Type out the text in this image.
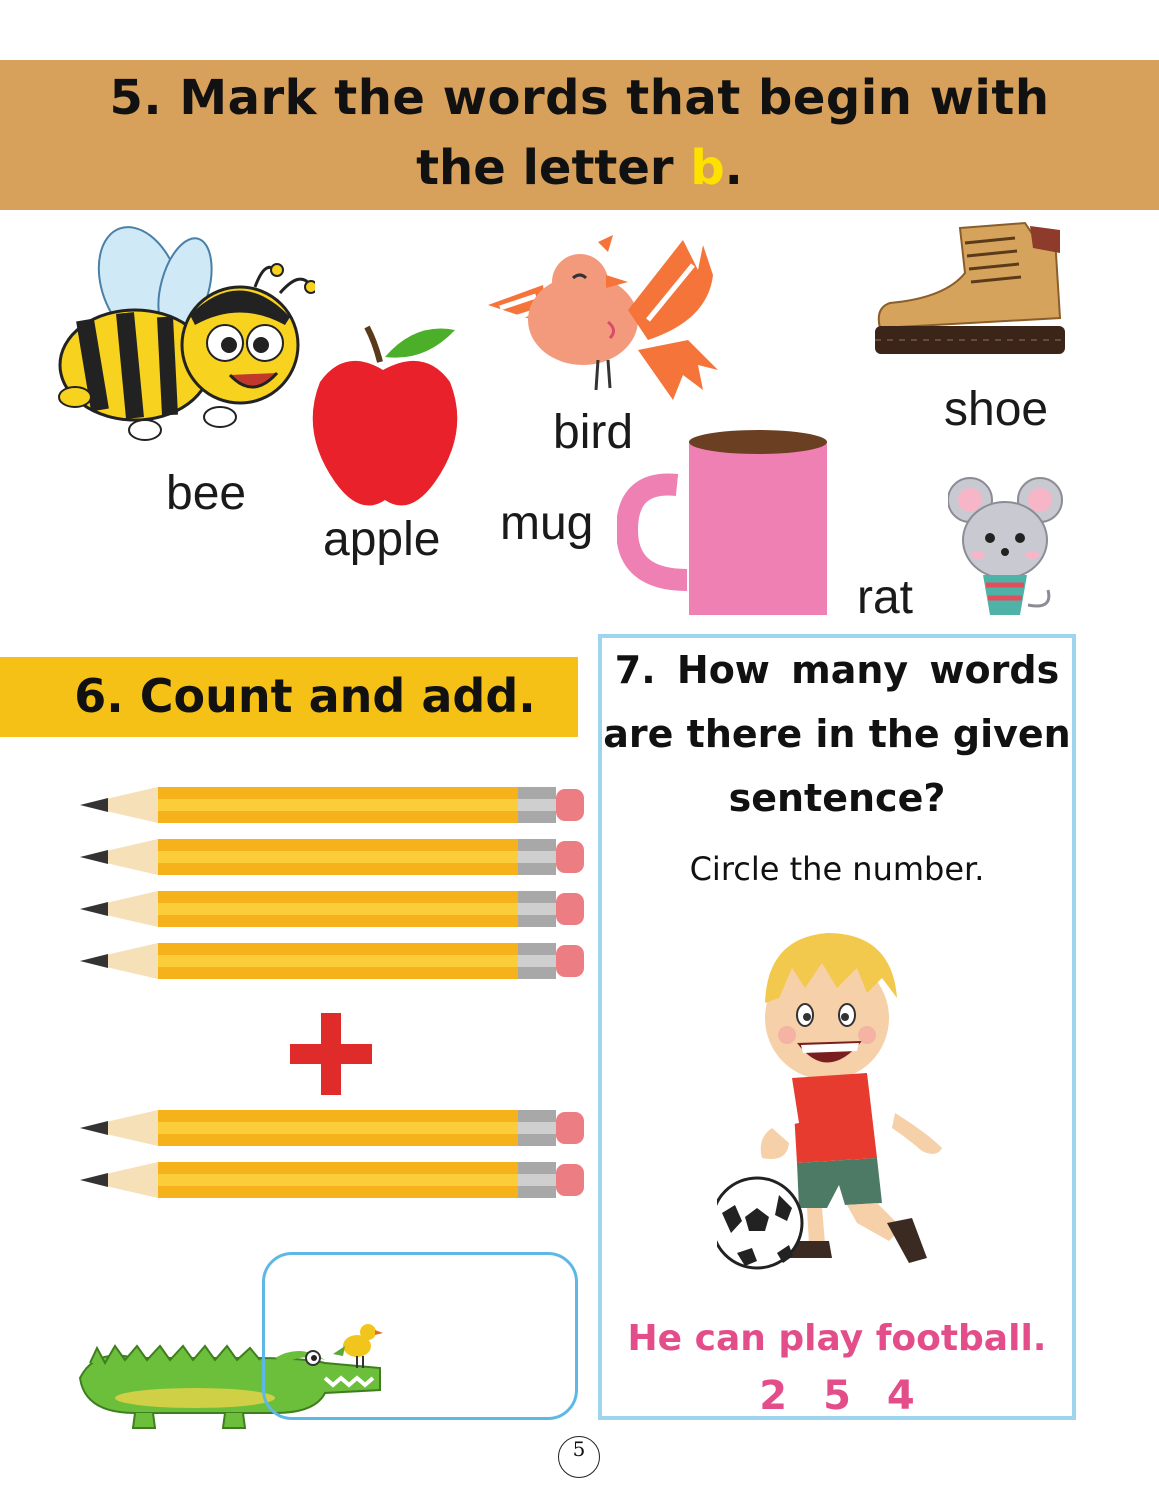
5. Mark the words that begin with
the letter b.
bee
apple
bird	shoe
mug
rat
6. Count and add.	7. How many words
are there in the given
sentence?
Circle the number.
He can play football.
2 5 4
5
